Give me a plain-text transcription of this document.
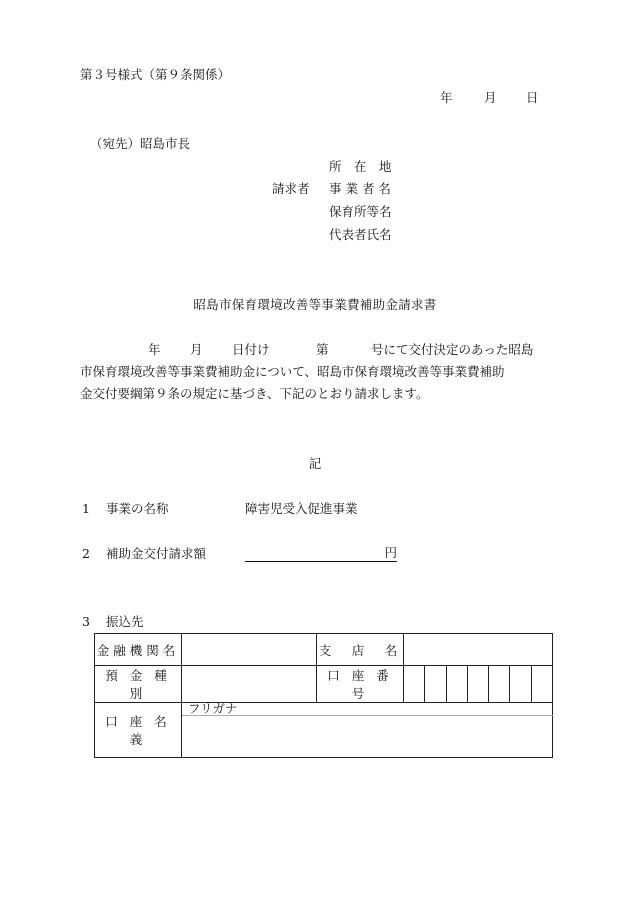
第３号様式（第９条関係）
年	月 日
（宛先）昭島市長
請求者
所　在　地
事 業 者 名
保育所等名
代表者氏名
昭島市保育環境改善等事業費補助金請求書
年 月 日付け	第	号にて交付決定のあった昭島
市保育環境改善等事業費補助金について、昭島市保育環境改善等事業費補助
金交付要綱第９条の規定に基づき、下記のとおり請求します。
記
1 事業の名称	障害児受入促進事業
2 補助金交付請求額	円
3 振込先
金融機関名		支　店　名							
預 金 種 別		口 座 番 号							
口 座 名 義	フリガナ								
